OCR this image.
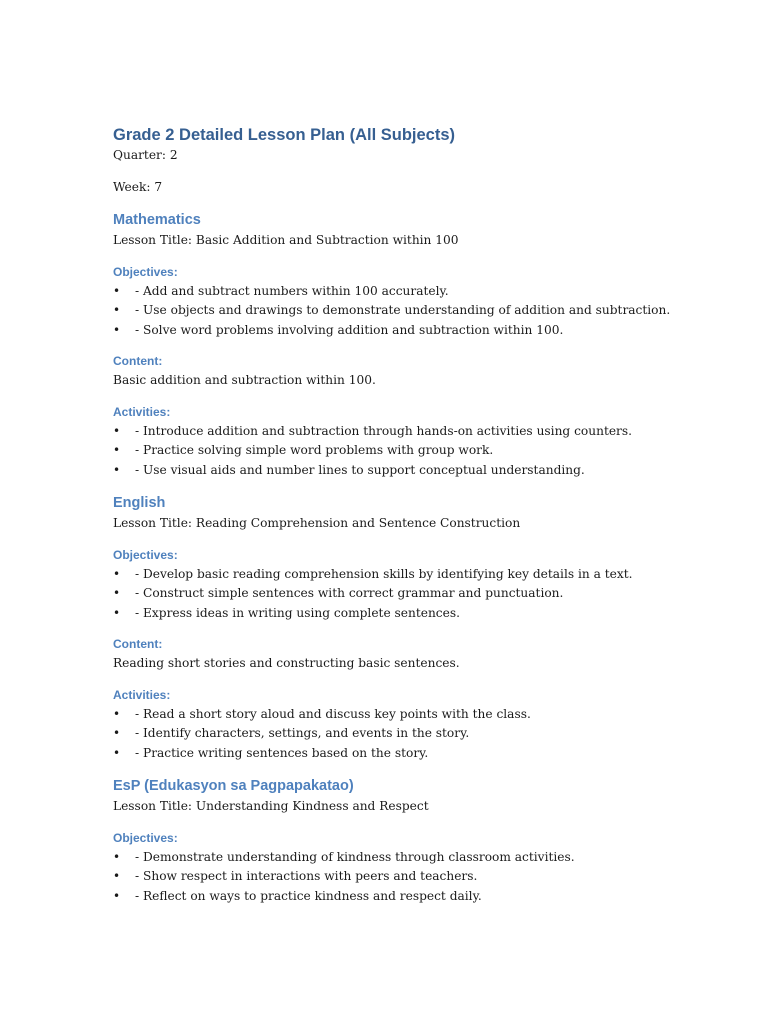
Grade 2 Detailed Lesson Plan (All Subjects)

Quarter: 2

Week: 7

Mathematics

Lesson Title: Basic Addition and Subtraction within 100

Objectives:
• - Add and subtract numbers within 100 accurately.
• - Use objects and drawings to demonstrate understanding of addition and subtraction.
• - Solve word problems involving addition and subtraction within 100.
Content:

Basic addition and subtraction within 100.

Activities:
• - Introduce addition and subtraction through hands-on activities using counters.
• - Practice solving simple word problems with group work.
• - Use visual aids and number lines to support conceptual understanding.
English

Lesson Title: Reading Comprehension and Sentence Construction

Objectives:
• - Develop basic reading comprehension skills by identifying key details in a text.
• - Construct simple sentences with correct grammar and punctuation.
• - Express ideas in writing using complete sentences.
Content:

Reading short stories and constructing basic sentences.

Activities:
• - Read a short story aloud and discuss key points with the class.
• - Identify characters, settings, and events in the story.
• - Practice writing sentences based on the story.
EsP (Edukasyon sa Pagpapakatao)

Lesson Title: Understanding Kindness and Respect

Objectives:
• - Demonstrate understanding of kindness through classroom activities.
• - Show respect in interactions with peers and teachers.
• - Reflect on ways to practice kindness and respect daily.
